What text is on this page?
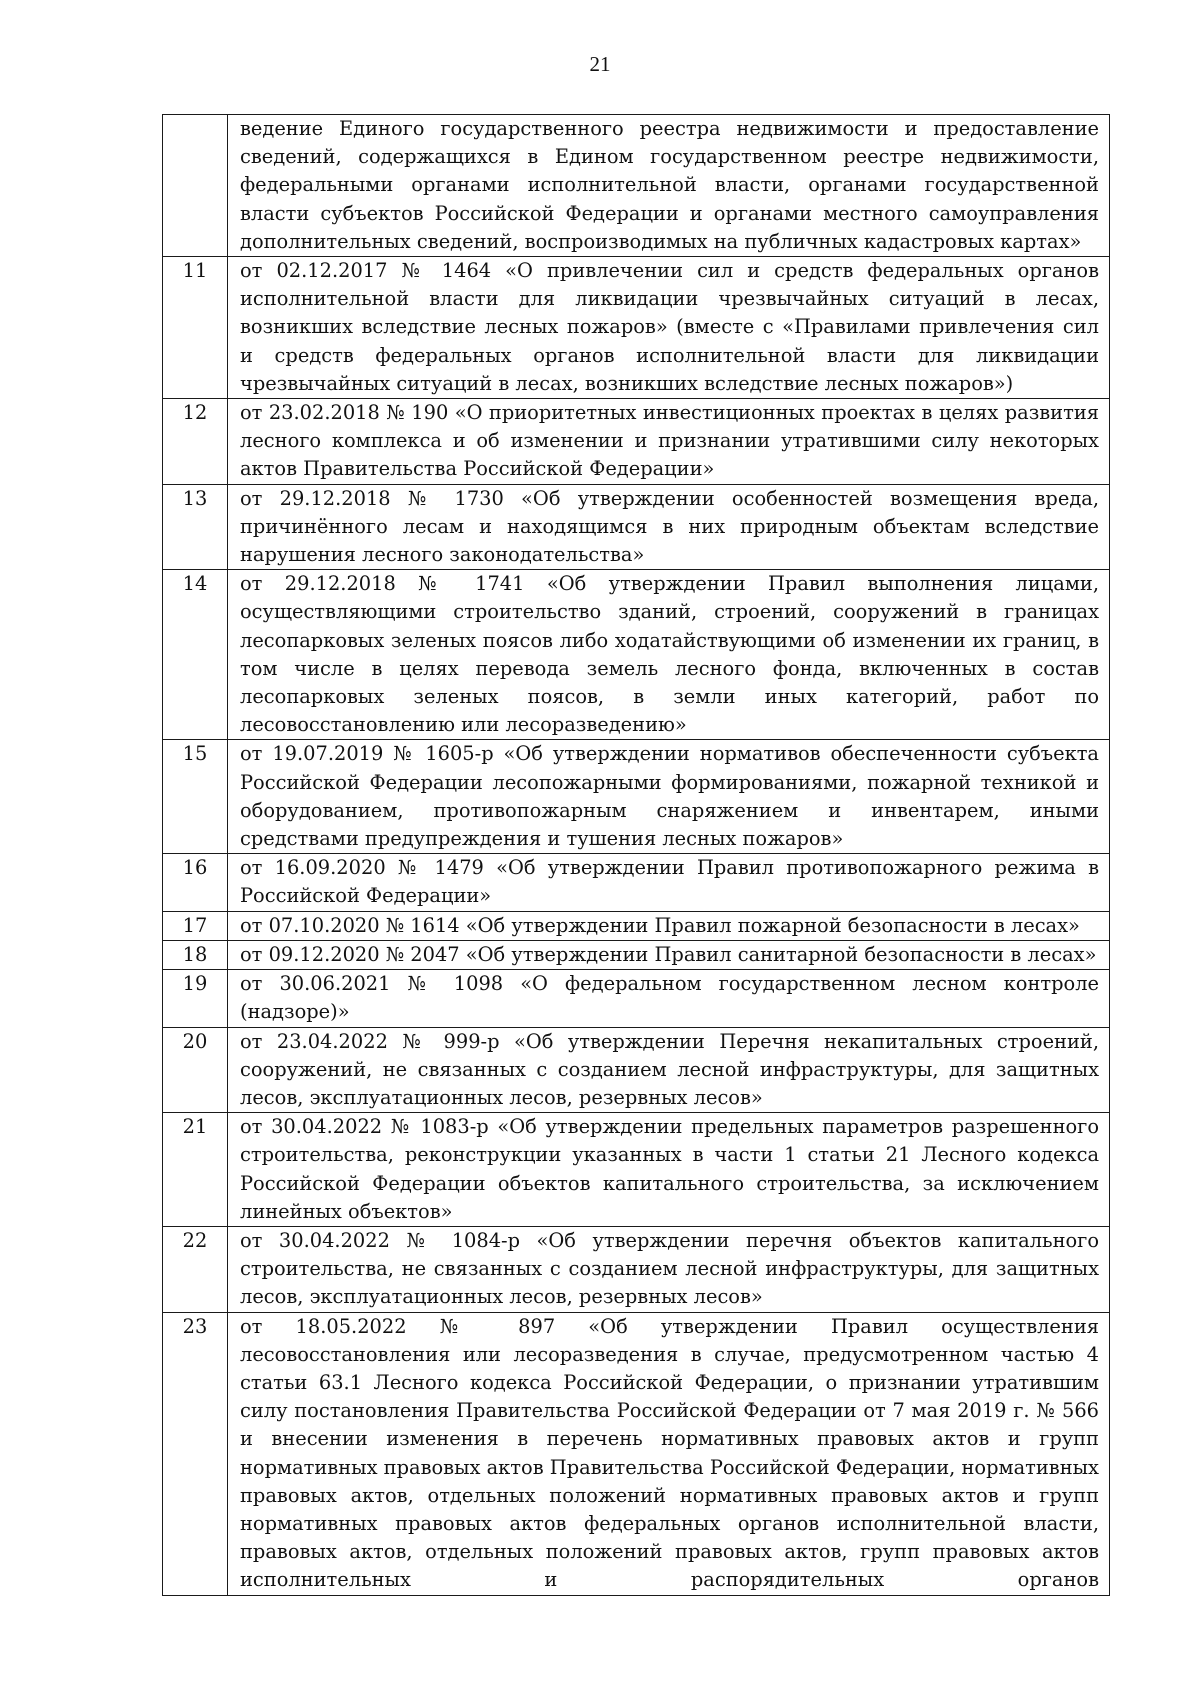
21
	ведение Единого государственного реестра недвижимости и предоставление сведений, содержащихся в Едином государственном реестре недвижимости, федеральными органами исполнительной власти, органами государственной власти субъектов Российской Федерации и органами местного самоуправления дополнительных сведений, воспроизводимых на публичных кадастровых картах»
11	от 02.12.2017 № 1464 «О привлечении сил и средств федеральных органов исполнительной власти для ликвидации чрезвычайных ситуаций в лесах, возникших вследствие лесных пожаров» (вместе с «Правилами привлечения сил и средств федеральных органов исполнительной власти для ликвидации чрезвычайных ситуаций в лесах, возникших вследствие лесных пожаров»)
12	от 23.02.2018 № 190 «О приоритетных инвестиционных проектах в целях развития лесного комплекса и об изменении и признании утратившими силу некоторых актов Правительства Российской Федерации»
13	от 29.12.2018 № 1730 «Об утверждении особенностей возмещения вреда, причинённого лесам и находящимся в них природным объектам вследствие нарушения лесного законодательства»
14	от 29.12.2018 № 1741 «Об утверждении Правил выполнения лицами, осуществляющими строительство зданий, строений, сооружений в границах лесопарковых зеленых поясов либо ходатайствующими об изменении их границ, в том числе в целях перевода земель лесного фонда, включенных в состав лесопарковых зеленых поясов, в земли иных категорий, работ по лесовосстановлению или лесоразведению»
15	от 19.07.2019 № 1605-р «Об утверждении нормативов обеспеченности субъекта Российской Федерации лесопожарными формированиями, пожарной техникой и оборудованием, противопожарным снаряжением и инвентарем, иными средствами предупреждения и тушения лесных пожаров»
16	от 16.09.2020 № 1479 «Об утверждении Правил противопожарного режима в Российской Федерации»
17	от 07.10.2020 № 1614 «Об утверждении Правил пожарной безопасности в лесах»
18	от 09.12.2020 № 2047 «Об утверждении Правил санитарной безопасности в лесах»
19	от 30.06.2021 № 1098 «О федеральном государственном лесном контроле (надзоре)»
20	от 23.04.2022 № 999-р «Об утверждении Перечня некапитальных строений, сооружений, не связанных с созданием лесной инфраструктуры, для защитных лесов, эксплуатационных лесов, резервных лесов»
21	от 30.04.2022 № 1083-р «Об утверждении предельных параметров разрешенного строительства, реконструкции указанных в части 1 статьи 21 Лесного кодекса Российской Федерации объектов капитального строительства, за исключением линейных объектов»
22	от 30.04.2022 № 1084-р «Об утверждении перечня объектов капитального строительства, не связанных с созданием лесной инфраструктуры, для защитных лесов, эксплуатационных лесов, резервных лесов»
23	от 18.05.2022 № 897 «Об утверждении Правил осуществления лесовосстановления или лесоразведения в случае, предусмотренном частью 4 статьи 63.1 Лесного кодекса Российской Федерации, о признании утратившим силу постановления Правительства Российской Федерации от 7 мая 2019 г. № 566 и внесении изменения в перечень нормативных правовых актов и групп нормативных правовых актов Правительства Российской Федерации, нормативных правовых актов, отдельных положений нормативных правовых актов и групп нормативных правовых актов федеральных органов исполнительной власти, правовых актов, отдельных положений правовых актов, групп правовых актов исполнительных и распорядительных органов
